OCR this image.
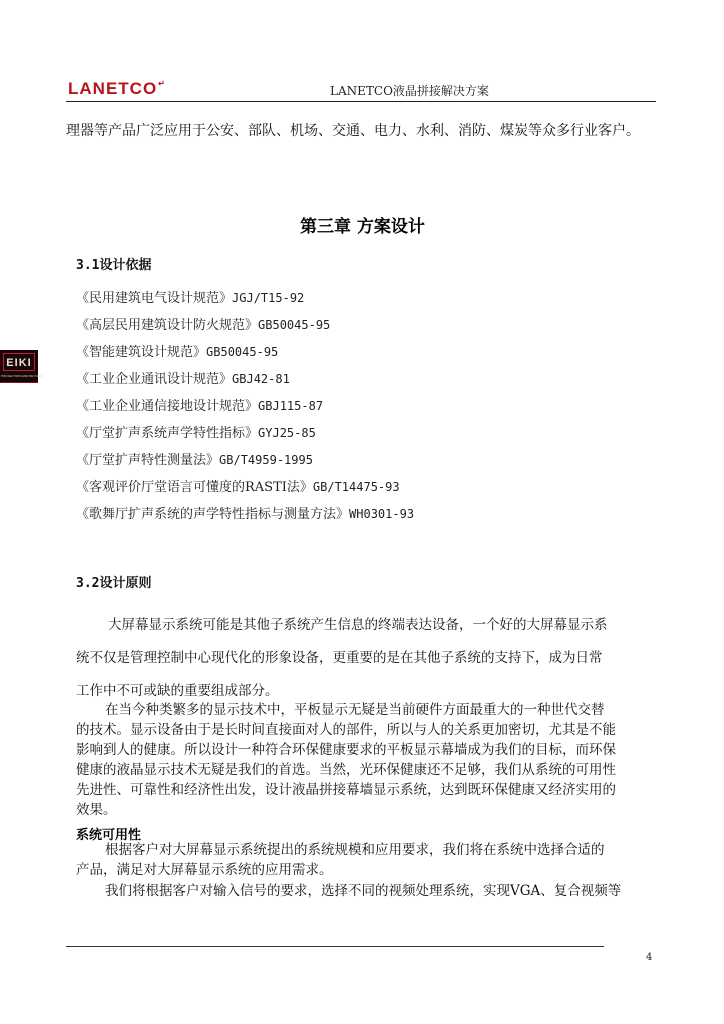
LANETCO↵
LANETCO液晶拼接解决方案
EIKI
PROJECTORS AND BEYOND
理器等产品广泛应用于公安、部队、机场、交通、电力、水利、消防、煤炭等众多行业客户。
第三章 方案设计
3.1设计依据
《民用建筑电气设计规范》JGJ/T15-92
《高层民用建筑设计防火规范》GB50045-95
《智能建筑设计规范》GB50045-95
《工业企业通讯设计规范》GBJ42-81
《工业企业通信接地设计规范》GBJ115-87
《厅堂扩声系统声学特性指标》GYJ25-85
《厅堂扩声特性测量法》GB/T4959-1995
《客观评价厅堂语言可懂度的RASTI法》GB/T14475-93
《歌舞厅扩声系统的声学特性指标与测量方法》WH0301-93
3.2设计原则
大屏幕显示系统可能是其他子系统产生信息的终端表达设备，一个好的大屏幕显示系
统不仅是管理控制中心现代化的形象设备，更重要的是在其他子系统的支持下，成为日常
工作中不可或缺的重要组成部分。
在当今种类繁多的显示技术中，平板显示无疑是当前硬件方面最重大的一种世代交替
的技术。显示设备由于是长时间直接面对人的部件，所以与人的关系更加密切，尤其是不能
影响到人的健康。所以设计一种符合环保健康要求的平板显示幕墙成为我们的目标，而环保
健康的液晶显示技术无疑是我们的首选。当然，光环保健康还不足够，我们从系统的可用性
先进性、可靠性和经济性出发，设计液晶拼接幕墙显示系统，达到既环保健康又经济实用的
效果。
系统可用性
根据客户对大屏幕显示系统提出的系统规模和应用要求，我们将在系统中选择合适的
产品，满足对大屏幕显示系统的应用需求。
我们将根据客户对输入信号的要求，选择不同的视频处理系统，实现VGA、复合视频等
4
